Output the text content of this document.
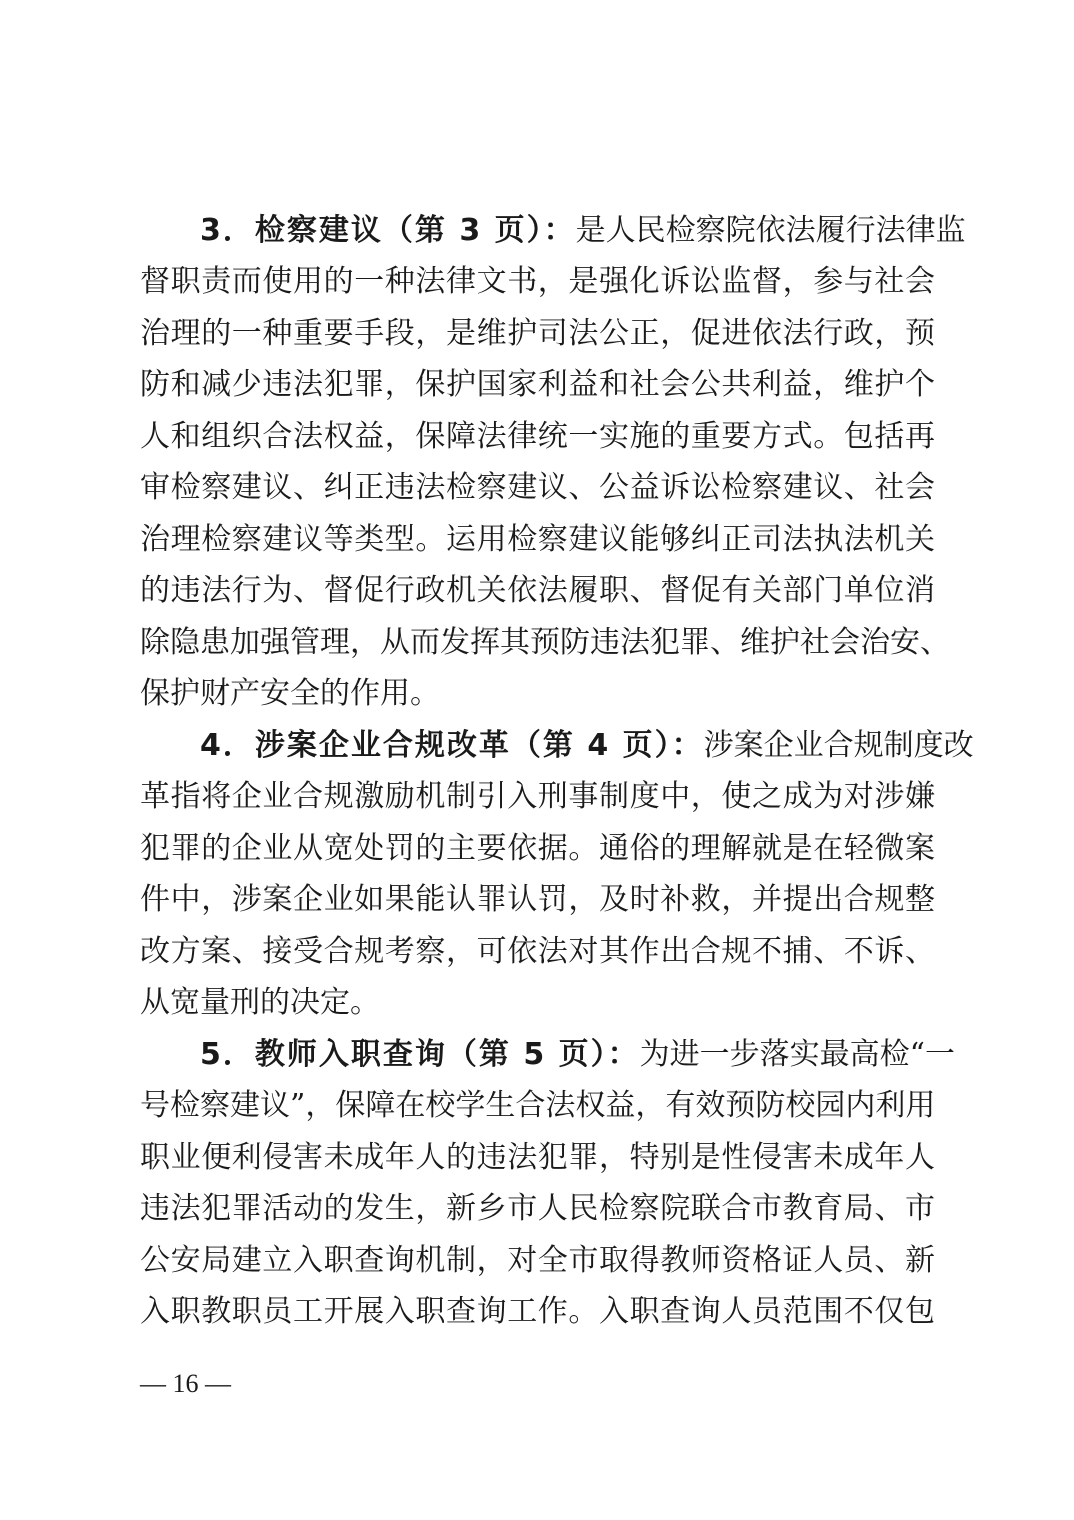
3．检察建议（第 3 页）：是人民检察院依法履行法律监
督职责而使用的一种法律文书，是强化诉讼监督，参与社会
治理的一种重要手段，是维护司法公正，促进依法行政，预
防和减少违法犯罪，保护国家利益和社会公共利益，维护个
人和组织合法权益，保障法律统一实施的重要方式。包括再
审检察建议、纠正违法检察建议、公益诉讼检察建议、社会
治理检察建议等类型。运用检察建议能够纠正司法执法机关
的违法行为、督促行政机关依法履职、督促有关部门单位消
除隐患加强管理，从而发挥其预防违法犯罪、维护社会治安、
保护财产安全的作用。
4．涉案企业合规改革（第 4 页）：涉案企业合规制度改
革指将企业合规激励机制引入刑事制度中，使之成为对涉嫌
犯罪的企业从宽处罚的主要依据。通俗的理解就是在轻微案
件中，涉案企业如果能认罪认罚，及时补救，并提出合规整
改方案、接受合规考察，可依法对其作出合规不捕、不诉、
从宽量刑的决定。
5．教师入职查询（第 5 页）：为进一步落实最高检“一
号检察建议”，保障在校学生合法权益，有效预防校园内利用
职业便利侵害未成年人的违法犯罪，特别是性侵害未成年人
违法犯罪活动的发生，新乡市人民检察院联合市教育局、市
公安局建立入职查询机制，对全市取得教师资格证人员、新
入职教职员工开展入职查询工作。入职查询人员范围不仅包
— 16 —
